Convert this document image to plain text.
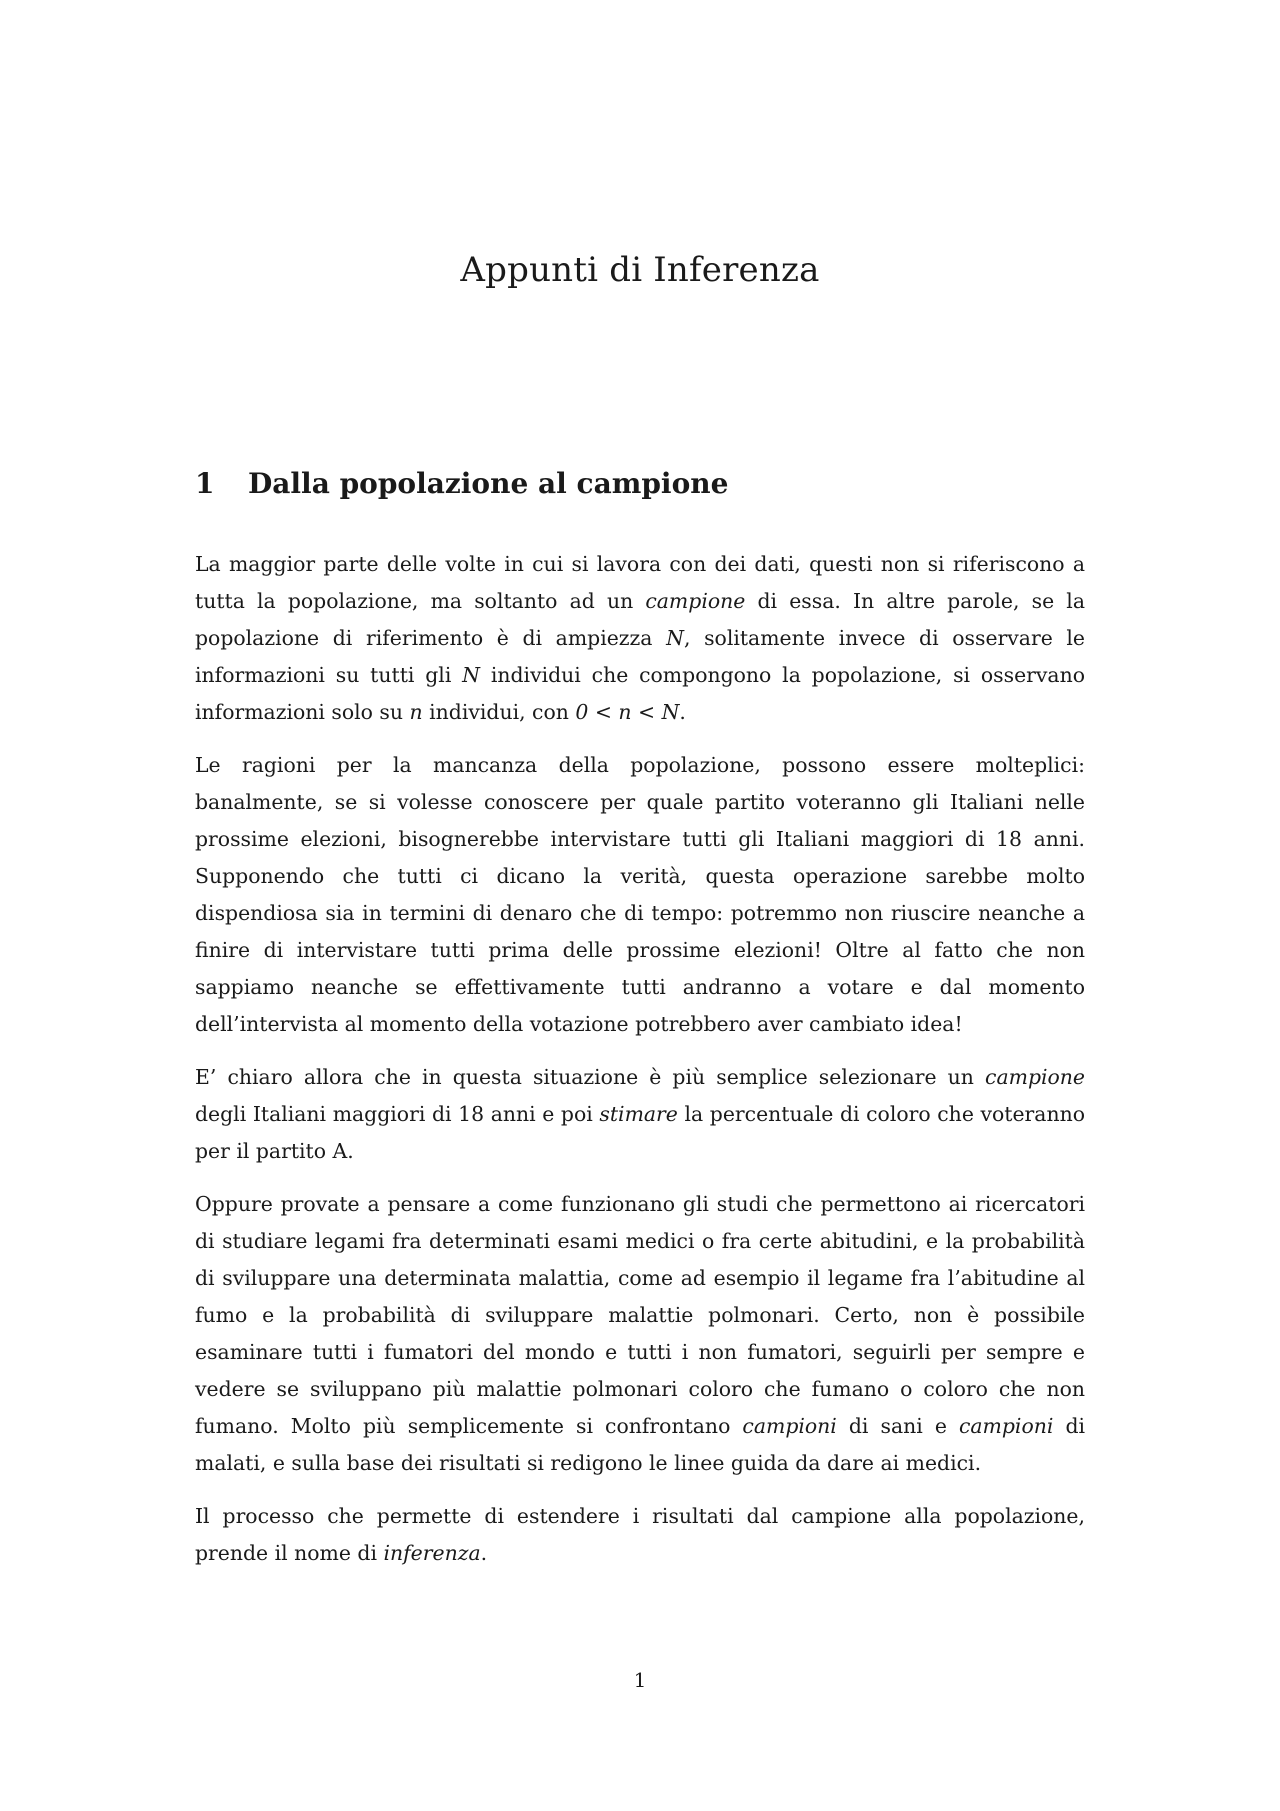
Appunti di Inferenza
1 Dalla popolazione al campione

La maggior parte delle volte in cui si lavora con dei dati, questi non si riferiscono a tutta la popolazione, ma soltanto ad un campione di essa. In altre parole, se la popolazione di riferimento è di ampiezza N, solitamente invece di osservare le informazioni su tutti gli N individui che compongono la popolazione, si osservano informazioni solo su n individui, con 0 < n < N.

Le ragioni per la mancanza della popolazione, possono essere molteplici: banalmente, se si volesse conoscere per quale partito voteranno gli Italiani nelle prossime elezioni, bisognerebbe intervistare tutti gli Italiani maggiori di 18 anni. Supponendo che tutti ci dicano la verità, questa operazione sarebbe molto dispendiosa sia in termini di denaro che di tempo: potremmo non riuscire neanche a finire di intervistare tutti prima delle prossime elezioni! Oltre al fatto che non sappiamo neanche se effettivamente tutti andranno a votare e dal momento dell’intervista al momento della votazione potrebbero aver cambiato idea!

E’ chiaro allora che in questa situazione è più semplice selezionare un campione degli Italiani maggiori di 18 anni e poi stimare la percentuale di coloro che voteranno per il partito A.

Oppure provate a pensare a come funzionano gli studi che permettono ai ricercatori di studiare legami fra determinati esami medici o fra certe abitudini, e la probabilità di sviluppare una determinata malattia, come ad esempio il legame fra l’abitudine al fumo e la probabilità di sviluppare malattie polmonari. Certo, non è possibile esaminare tutti i fumatori del mondo e tutti i non fumatori, seguirli per sempre e vedere se sviluppano più malattie polmonari coloro che fumano o coloro che non fumano. Molto più semplicemente si confrontano campioni di sani e campioni di malati, e sulla base dei risultati si redigono le linee guida da dare ai medici.

Il processo che permette di estendere i risultati dal campione alla popolazione, prende il nome di inferenza.

1
